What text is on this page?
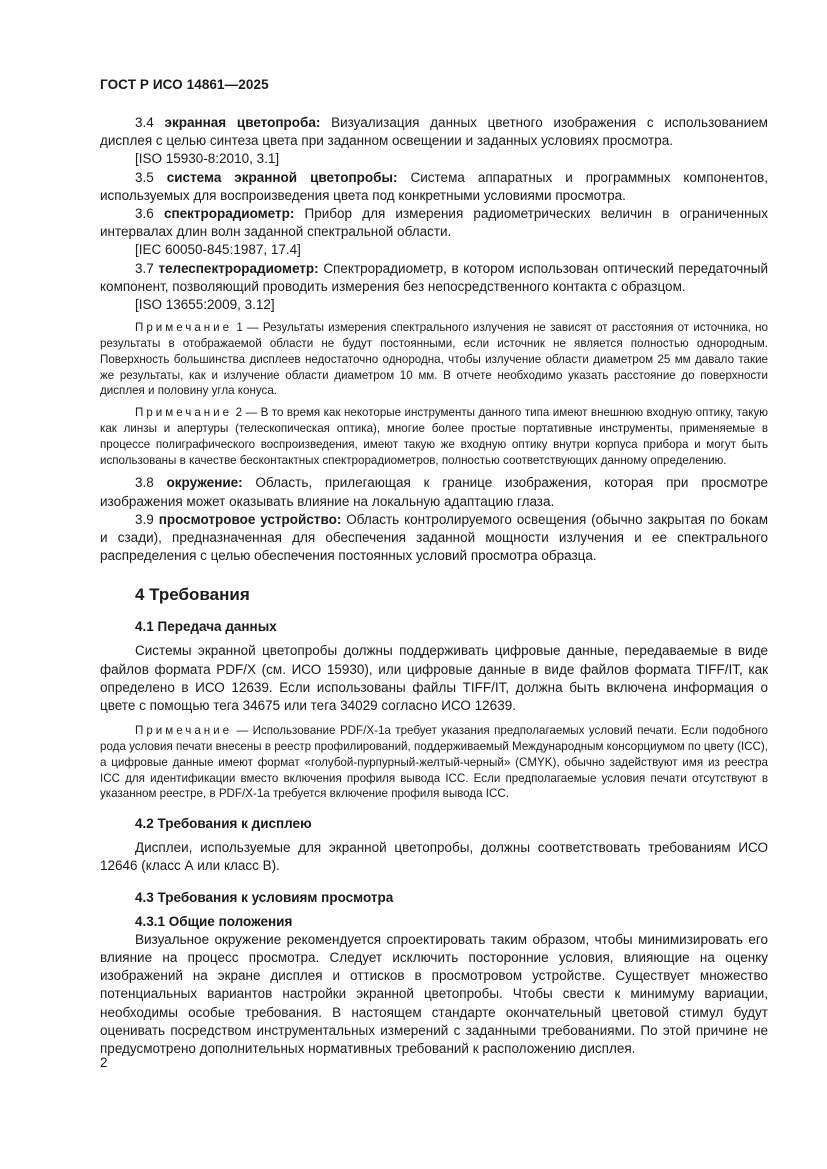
ГОСТ Р ИСО 14861—2025

3.4 экранная цветопроба: Визуализация данных цветного изображения с использованием дисплея с целью синтеза цвета при заданном освещении и заданных условиях просмотра.

[ISO 15930-8:2010, 3.1]

3.5 система экранной цветопробы: Система аппаратных и программных компонентов, используемых для воспроизведения цвета под конкретными условиями просмотра.

3.6 спектрорадиометр: Прибор для измерения радиометрических величин в ограниченных интервалах длин волн заданной спектральной области.

[IEC 60050-845:1987, 17.4]

3.7 телеспектрорадиометр: Спектрорадиометр, в котором использован оптический передаточный компонент, позволяющий проводить измерения без непосредственного контакта с образцом.

[ISO 13655:2009, 3.12]

Примечание 1 — Результаты измерения спектрального излучения не зависят от расстояния от источника, но результаты в отображаемой области не будут постоянными, если источник не является полностью однородным. Поверхность большинства дисплеев недостаточно однородна, чтобы излучение области диаметром 25 мм давало такие же результаты, как и излучение области диаметром 10 мм. В отчете необходимо указать расстояние до поверхности дисплея и половину угла конуса.

Примечание 2 — В то время как некоторые инструменты данного типа имеют внешнюю входную оптику, такую как линзы и апертуры (телескопическая оптика), многие более простые портативные инструменты, применяемые в процессе полиграфического воспроизведения, имеют такую же входную оптику внутри корпуса прибора и могут быть использованы в качестве бесконтактных спектрорадиометров, полностью соответствующих данному определению.

3.8 окружение: Область, прилегающая к границе изображения, которая при просмотре изображения может оказывать влияние на локальную адаптацию глаза.

3.9 просмотровое устройство: Область контролируемого освещения (обычно закрытая по бокам и сзади), предназначенная для обеспечения заданной мощности излучения и ее спектрального распределения с целью обеспечения постоянных условий просмотра образца.

4 Требования
4.1 Передача данных

Системы экранной цветопробы должны поддерживать цифровые данные, передаваемые в виде файлов формата PDF/X (см. ИСО 15930), или цифровые данные в виде файлов формата TIFF/IT, как определено в ИСО 12639. Если использованы файлы TIFF/IT, должна быть включена информация о цвете с помощью тега 34675 или тега 34029 согласно ИСО 12639.

Примечание — Использование PDF/X-1a требует указания предполагаемых условий печати. Если подобного рода условия печати внесены в реестр профилирований, поддерживаемый Международным консорциумом по цвету (ICC), а цифровые данные имеют формат «голубой-пурпурный-желтый-черный» (CMYK), обычно задействуют имя из реестра ICC для идентификации вместо включения профиля вывода ICC. Если предполагаемые условия печати отсутствуют в указанном реестре, в PDF/X-1a требуется включение профиля вывода ICC.

4.2 Требования к дисплею

Дисплеи, используемые для экранной цветопробы, должны соответствовать требованиям ИСО 12646 (класс А или класс В).

4.3 Требования к условиям просмотра
4.3.1 Общие положения

Визуальное окружение рекомендуется спроектировать таким образом, чтобы минимизировать его влияние на процесс просмотра. Следует исключить посторонние условия, влияющие на оценку изображений на экране дисплея и оттисков в просмотровом устройстве. Существует множество потенциальных вариантов настройки экранной цветопробы. Чтобы свести к минимуму вариации, необходимы особые требования. В настоящем стандарте окончательный цветовой стимул будут оценивать посредством инструментальных измерений с заданными требованиями. По этой причине не предусмотрено дополнительных нормативных требований к расположению дисплея.

2
